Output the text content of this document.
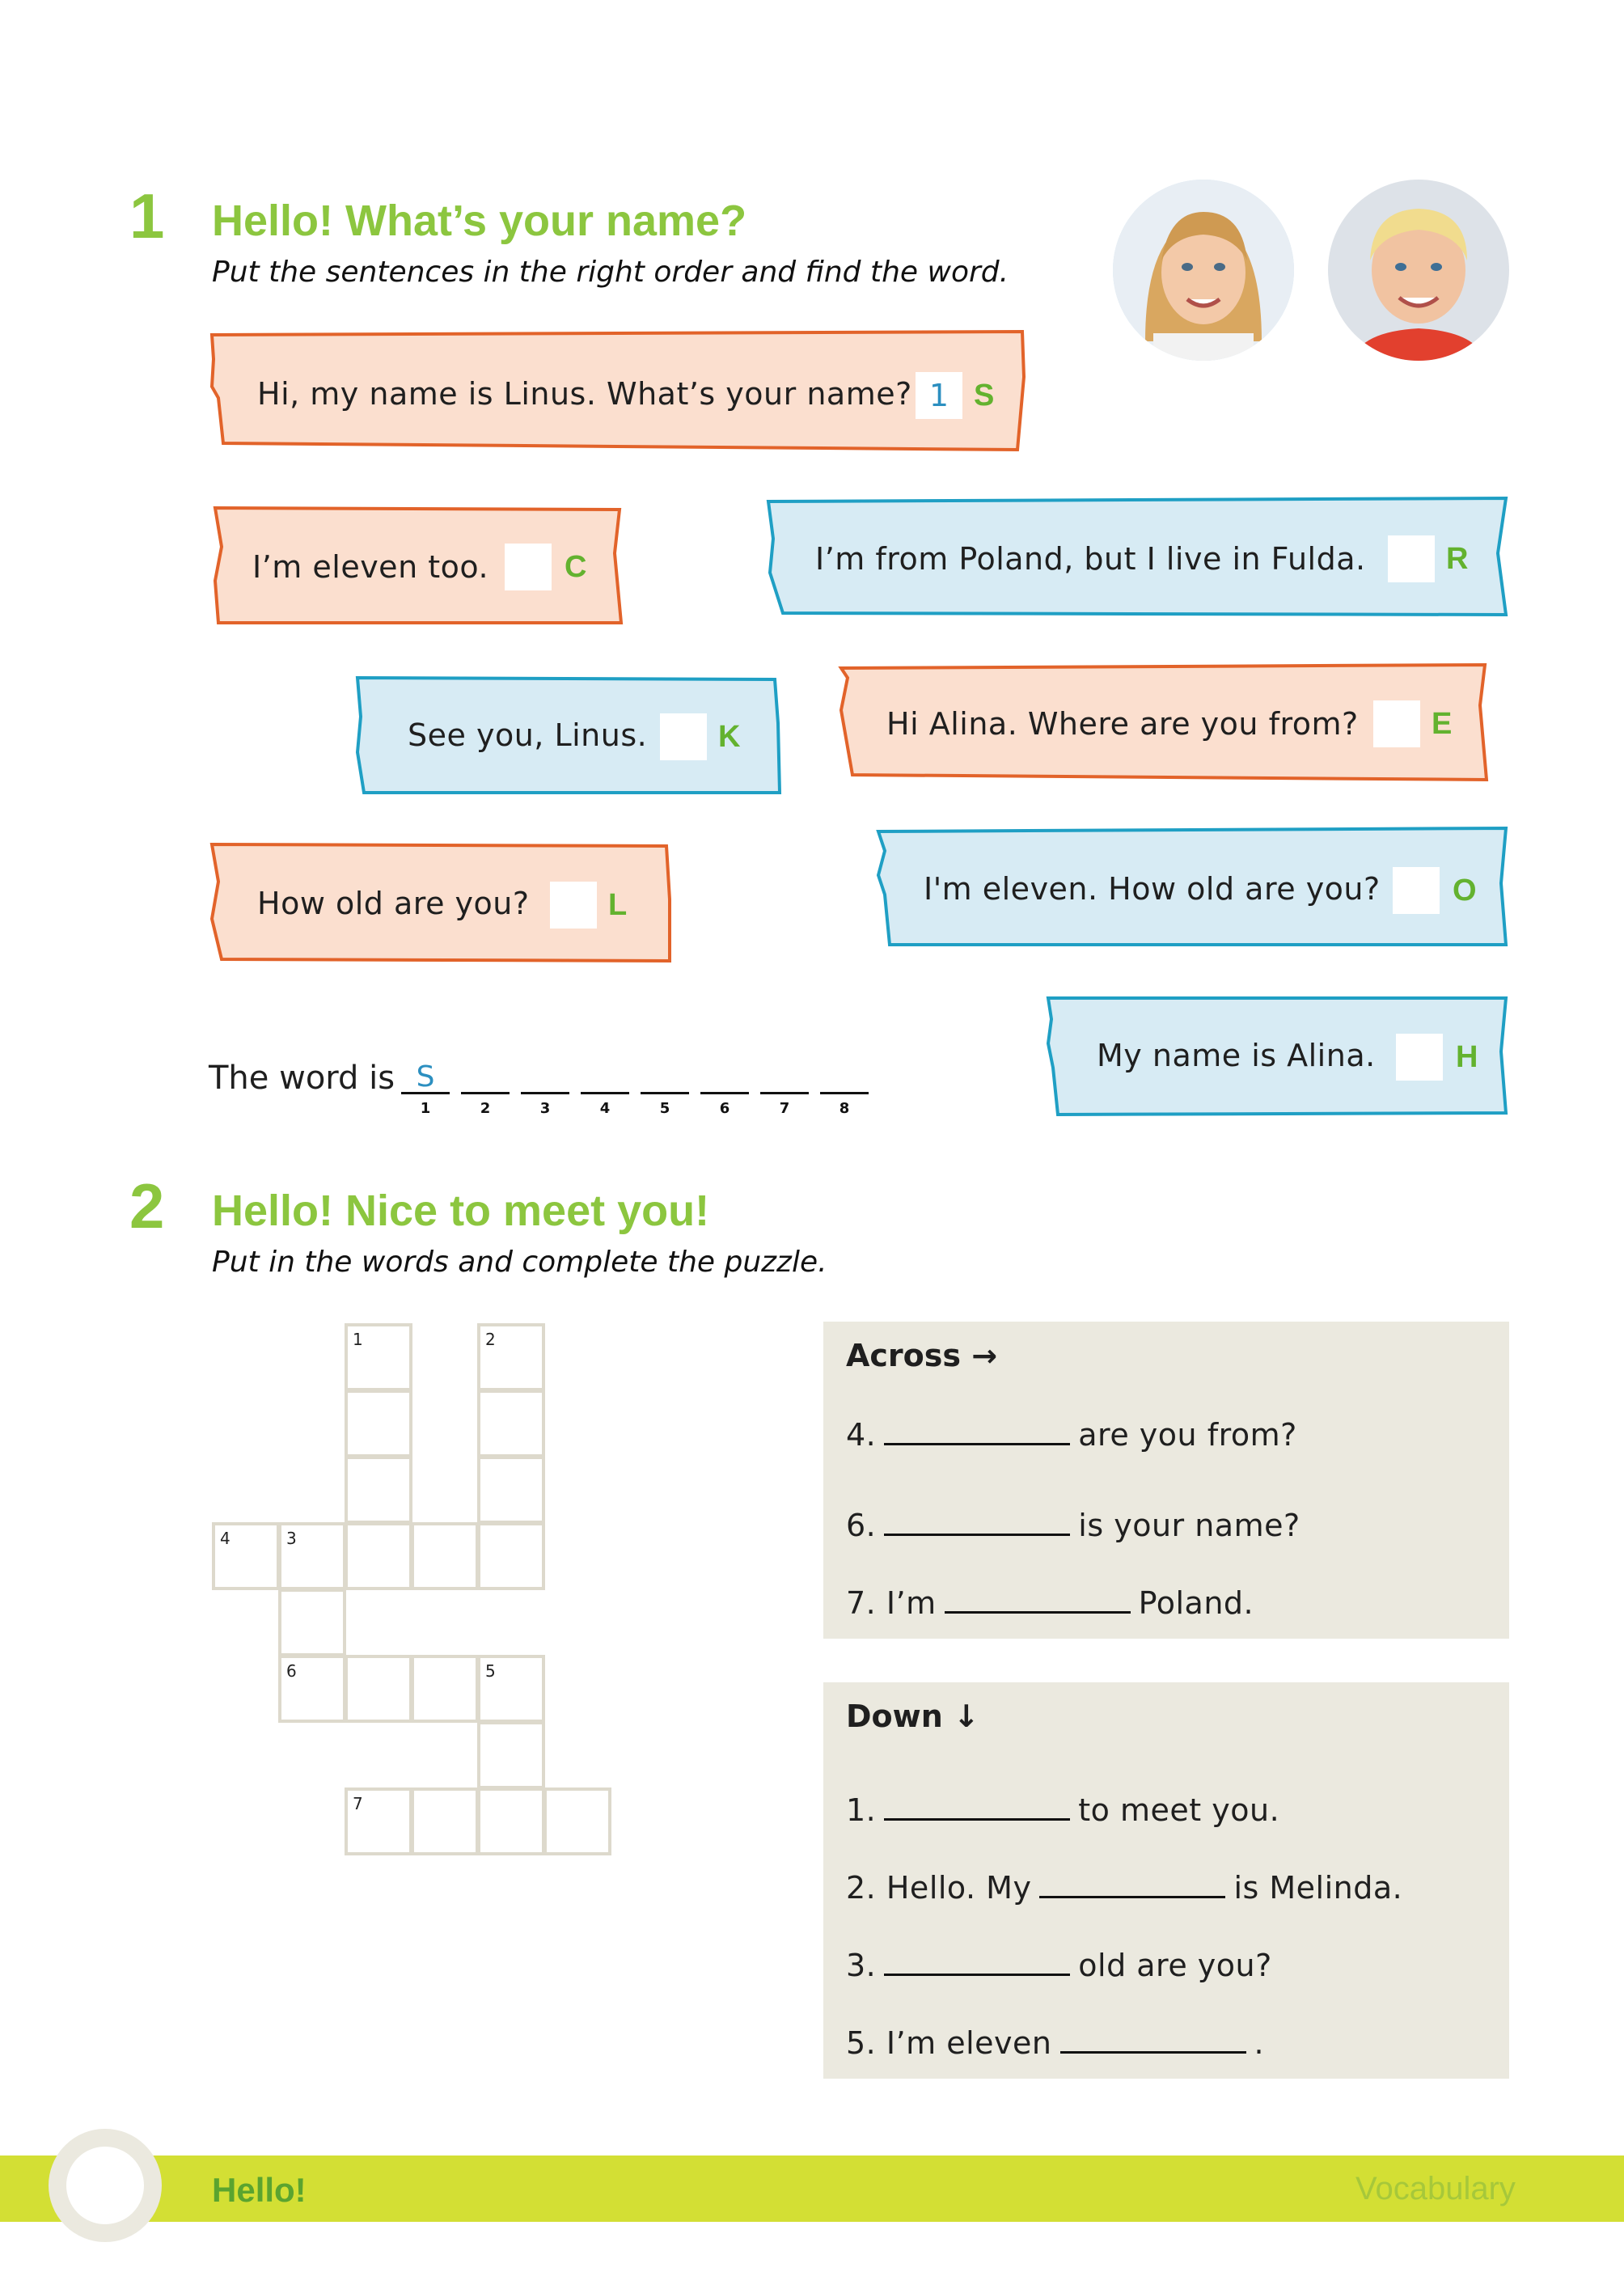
1 Hello! What’s your name?
Put the sentences in the right order and find the word.
Hi, my name is Linus. What’s your name? 1 S
I’m eleven too. C	I’m from Poland, but I live in Fulda.	R
See you, Linus. K	Hi Alina. Where are you from? E
How old are you?	L	I'm eleven. How old are you? O
My name is Alina.	H
The word is S
1	2	3	4	5	6	7	8
2 Hello! Nice to meet you!
Put in the words and complete the puzzle.
1	2
4	3
6	5
7
Across →
4.	are you from?
6.	is your name?
7. I’m	Poland.
Down ↓
1.	to meet you.
2. Hello. My	is Melinda.
3.	old are you?
5. I’m eleven	.
Hello!	Vocabulary
